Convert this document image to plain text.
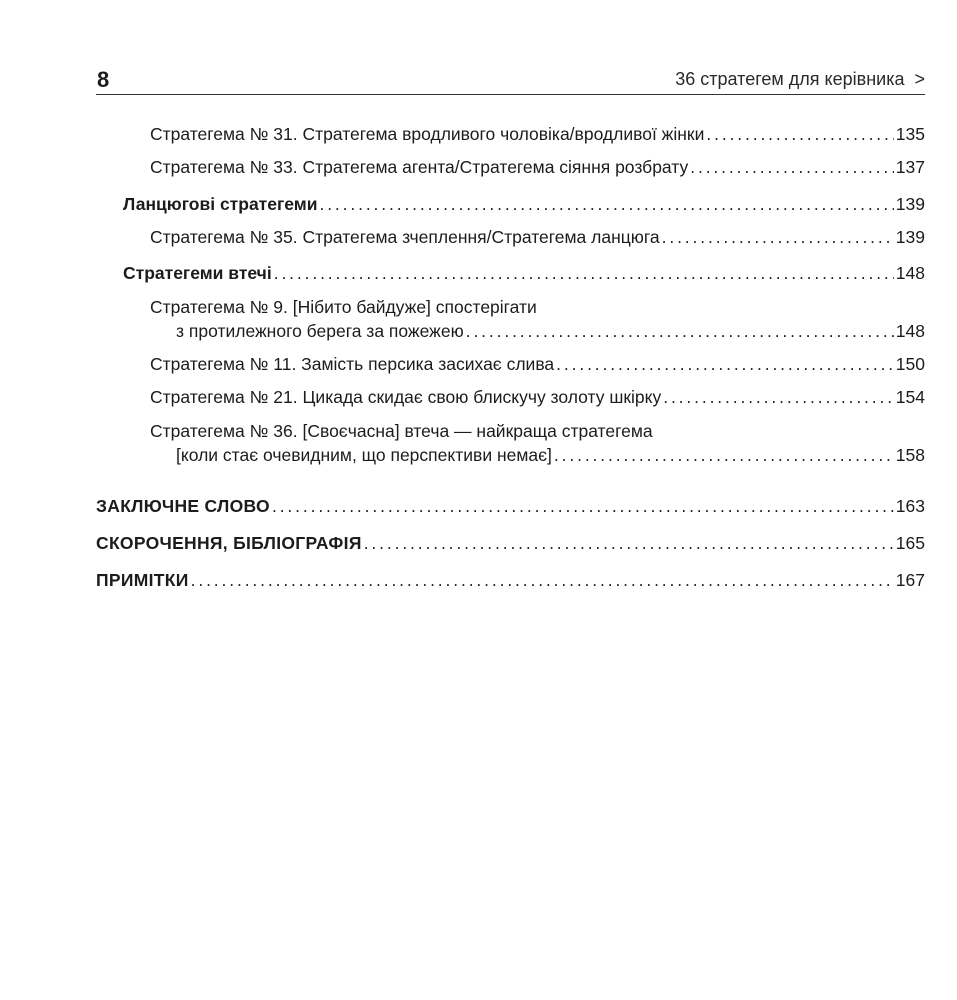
8	36 стратегем для керівника >
Стратегема № 31. Стратегема вродливого чоловіка/вродливої жінки . . .	135
Стратегема № 33. Стратегема агента/Стратегема сіяння розбрату . . .	137
Ланцюгові стратегеми . . .	139
Стратегема № 35. Стратегема зчеплення/Стратегема ланцюга . . .	139
Стратегеми втечі . . .	148
Стратегема № 9. [Нібито байдуже] спостерігати
з протилежного берега за пожежею . . .	148
Стратегема № 11. Замість персика засихає слива . . .	150
Стратегема № 21. Цикада скидає свою блискучу золоту шкірку . . .	154
Стратегема № 36. [Своєчасна] втеча — найкраща стратегема
[коли стає очевидним, що перспективи немає] . . .	158
ЗАКЛЮЧНЕ СЛОВО . . .	163
СКОРОЧЕННЯ, БІБЛІОГРАФІЯ . . .	165
ПРИМІТКИ . . .	167
